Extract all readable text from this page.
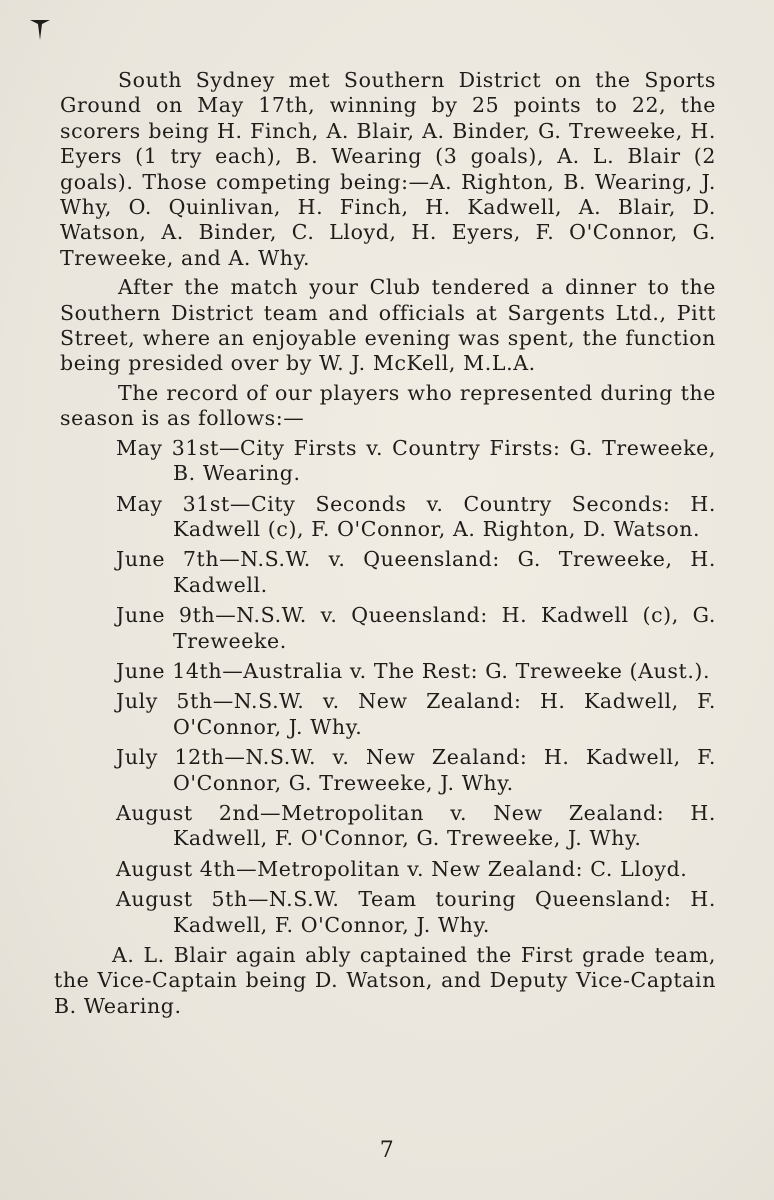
South Sydney met Southern District on the Sports Ground on May 17th, winning by 25 points to 22, the scorers being H. Finch, A. Blair, A. Binder, G. Treweeke, H. Eyers (1 try each), B. Wearing (3 goals), A. L. Blair (2 goals). Those competing being:—A. Righton, B. Wearing, J. Why, O. Quinlivan, H. Finch, H. Kadwell, A. Blair, D. Watson, A. Binder, C. Lloyd, H. Eyers, F. O'Connor, G. Treweeke, and A. Why.

After the match your Club tendered a dinner to the Southern District team and officials at Sargents Ltd., Pitt Street, where an enjoyable evening was spent, the function being presided over by W. J. McKell, M.L.A.

The record of our players who represented during the season is as follows:—

May 31st—City Firsts v. Country Firsts: G. Treweeke, B. Wearing.
May 31st—City Seconds v. Country Seconds: H. Kadwell (c), F. O'Connor, A. Righton, D. Watson.
June 7th—N.S.W. v. Queensland: G. Treweeke, H. Kadwell.
June 9th—N.S.W. v. Queensland: H. Kadwell (c), G. Treweeke.
June 14th—Australia v. The Rest: G. Treweeke (Aust.).
July 5th—N.S.W. v. New Zealand: H. Kadwell, F. O'Connor, J. Why.
July 12th—N.S.W. v. New Zealand: H. Kadwell, F. O'Connor, G. Treweeke, J. Why.
August 2nd—Metropolitan v. New Zealand: H. Kadwell, F. O'Connor, G. Treweeke, J. Why.
August 4th—Metropolitan v. New Zealand: C. Lloyd.
August 5th—N.S.W. Team touring Queensland: H. Kadwell, F. O'Connor, J. Why.

A. L. Blair again ably captained the First grade team, the Vice-Captain being D. Watson, and Deputy Vice-Captain B. Wearing.

7
